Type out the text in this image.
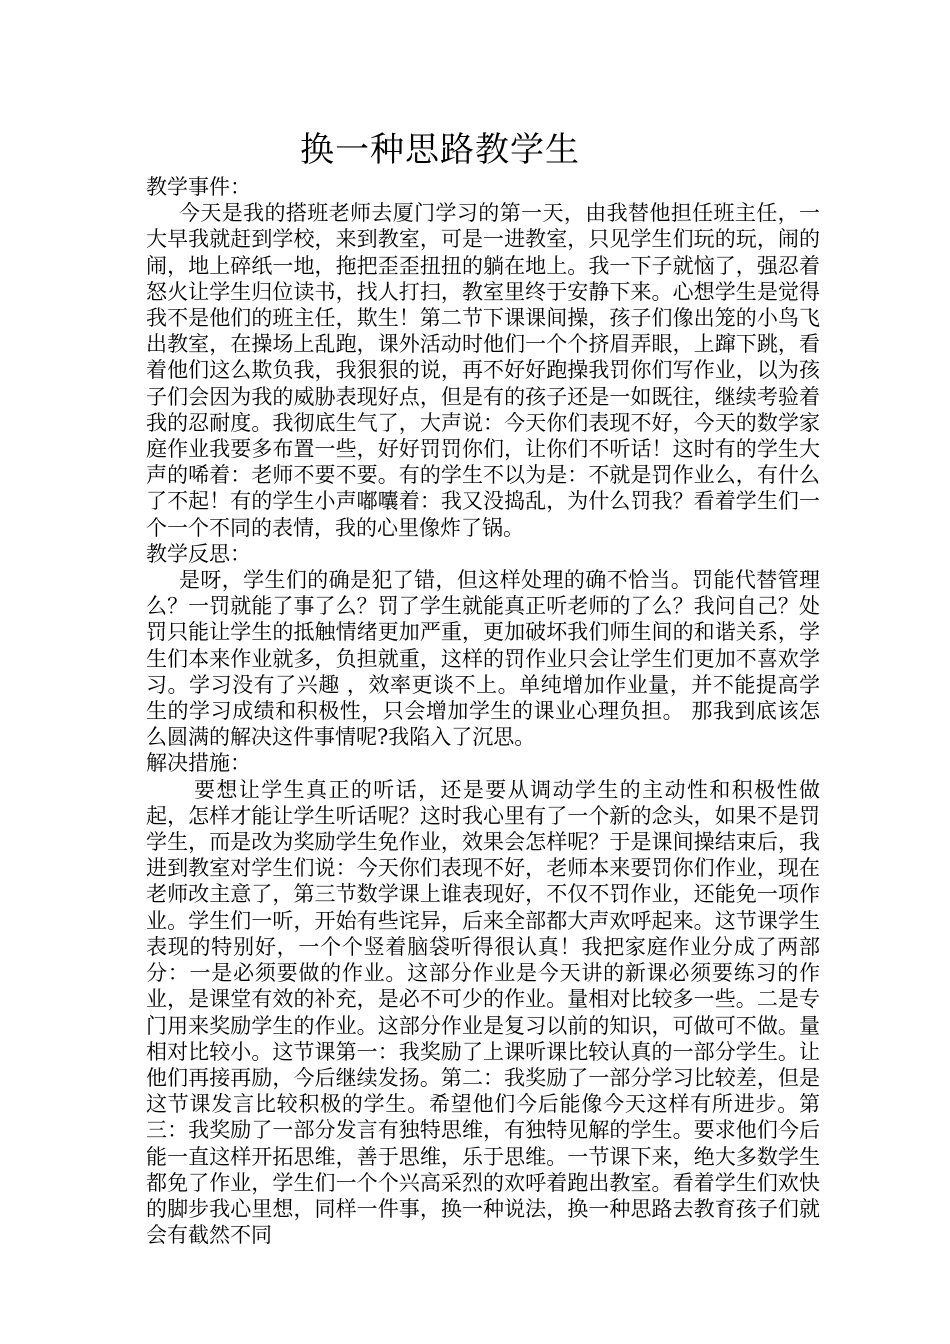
换一种思路教学生

教学事件：

今天是我的搭班老师去厦门学习的第一天，由我替他担任班主任，一大早我就赶到学校，来到教室，可是一进教室，只见学生们玩的玩，闹的闹，地上碎纸一地，拖把歪歪扭扭的躺在地上。我一下子就恼了，强忍着怒火让学生归位读书，找人打扫，教室里终于安静下来。心想学生是觉得我不是他们的班主任，欺生！第二节下课课间操，孩子们像出笼的小鸟飞出教室，在操场上乱跑，课外活动时他们一个个挤眉弄眼，上蹿下跳，看着他们这么欺负我，我狠狠的说，再不好好跑操我罚你们写作业，以为孩子们会因为我的威胁表现好点，但是有的孩子还是一如既往，继续考验着我的忍耐度。我彻底生气了，大声说：今天你们表现不好，今天的数学家庭作业我要多布置一些，好好罚罚你们，让你们不听话！这时有的学生大声的唏着：老师不要不要。有的学生不以为是：不就是罚作业么，有什么了不起！有的学生小声嘟囔着：我又没捣乱，为什么罚我？看着学生们一个一个不同的表情，我的心里像炸了锅。

教学反思：

是呀，学生们的确是犯了错，但这样处理的确不恰当。罚能代替管理么？一罚就能了事了么？罚了学生就能真正听老师的了么？我问自己？处罚只能让学生的抵触情绪更加严重，更加破坏我们师生间的和谐关系，学生们本来作业就多，负担就重，这样的罚作业只会让学生们更加不喜欢学习。学习没有了兴趣 ，效率更谈不上。单纯增加作业量，并不能提高学生的学习成绩和积极性，只会增加学生的课业心理负担。 那我到底该怎么圆满的解决这件事情呢?我陷入了沉思。

解决措施：

要想让学生真正的听话，还是要从调动学生的主动性和积极性做起，怎样才能让学生听话呢？这时我心里有了一个新的念头，如果不是罚学生，而是改为奖励学生免作业，效果会怎样呢？于是课间操结束后，我进到教室对学生们说：今天你们表现不好，老师本来要罚你们作业，现在老师改主意了，第三节数学课上谁表现好，不仅不罚作业，还能免一项作业。学生们一听，开始有些诧异，后来全部都大声欢呼起来。这节课学生表现的特别好，一个个竖着脑袋听得很认真！我把家庭作业分成了两部分：一是必须要做的作业。这部分作业是今天讲的新课必须要练习的作业，是课堂有效的补充，是必不可少的作业。量相对比较多一些。二是专门用来奖励学生的作业。这部分作业是复习以前的知识，可做可不做。量相对比较小。这节课第一：我奖励了上课听课比较认真的一部分学生。让他们再接再励，今后继续发扬。第二：我奖励了一部分学习比较差，但是这节课发言比较积极的学生。希望他们今后能像今天这样有所进步。第三：我奖励了一部分发言有独特思维，有独特见解的学生。要求他们今后能一直这样开拓思维，善于思维，乐于思维。一节课下来，绝大多数学生都免了作业，学生们一个个兴高采烈的欢呼着跑出教室。看着学生们欢快的脚步我心里想，同样一件事，换一种说法，换一种思路去教育孩子们就会有截然不同
